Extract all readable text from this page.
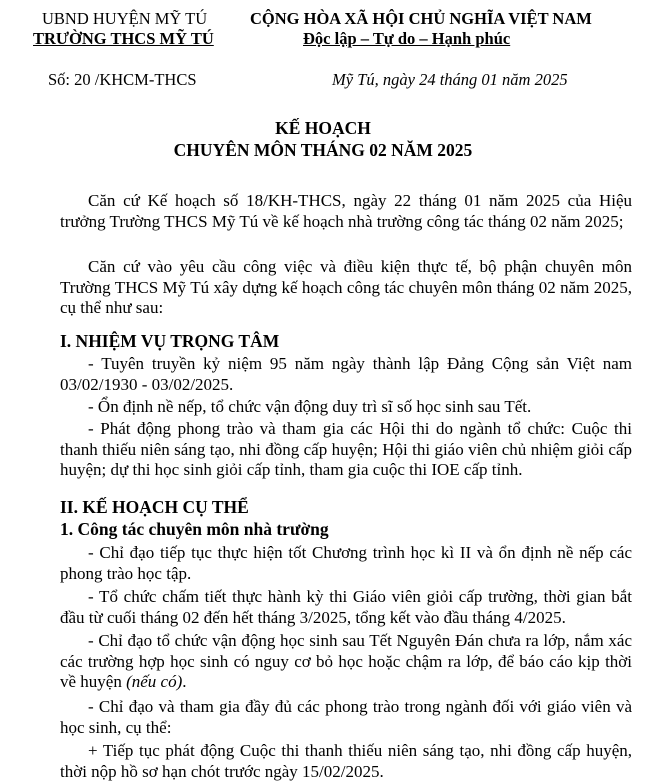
UBND HUYỆN MỸ TÚ
TRƯỜNG THCS MỸ TÚ
CỘNG HÒA XÃ HỘI CHỦ NGHĨA VIỆT NAM
Độc lập – Tự do – Hạnh phúc
Số: 20 /KHCM-THCS	Mỹ Tú, ngày 24 tháng 01 năm 2025
KẾ HOẠCH
CHUYÊN MÔN THÁNG 02 NĂM 2025
Căn cứ Kế hoạch số 18/KH-THCS, ngày 22 tháng 01 năm 2025 của Hiệu trưởng Trường THCS Mỹ Tú về kế hoạch nhà trường công tác tháng 02 năm 2025;
Căn cứ vào yêu cầu công việc và điều kiện thực tế, bộ phận chuyên môn Trường THCS Mỹ Tú xây dựng kế hoạch công tác chuyên môn tháng 02 năm 2025, cụ thể như sau:
I. NHIỆM VỤ TRỌNG TÂM
- Tuyên truyền kỷ niệm 95 năm ngày thành lập Đảng Cộng sản Việt nam 03/02/1930 - 03/02/2025.
- Ổn định nề nếp, tổ chức vận động duy trì sĩ số học sinh sau Tết.
- Phát động phong trào và tham gia các Hội thi do ngành tổ chức: Cuộc thi thanh thiếu niên sáng tạo, nhi đồng cấp huyện; Hội thi giáo viên chủ nhiệm giỏi cấp huyện; dự thi học sinh giỏi cấp tỉnh, tham gia cuộc thi IOE cấp tỉnh.
II. KẾ HOẠCH CỤ THỂ
1. Công tác chuyên môn nhà trường
- Chỉ đạo tiếp tục thực hiện tốt Chương trình học kì II và ổn định nề nếp các phong trào học tập.
- Tổ chức chấm tiết thực hành kỳ thi Giáo viên giỏi cấp trường, thời gian bắt đầu từ cuối tháng 02 đến hết tháng 3/2025, tổng kết vào đầu tháng 4/2025.
- Chỉ đạo tổ chức vận động học sinh sau Tết Nguyên Đán chưa ra lớp, nắm xác các trường hợp học sinh có nguy cơ bỏ học hoặc chậm ra lớp, để báo cáo kịp thời về huyện (nếu có).
- Chỉ đạo và tham gia đầy đủ các phong trào trong ngành đối với giáo viên và học sinh, cụ thể:
+ Tiếp tục phát động Cuộc thi thanh thiếu niên sáng tạo, nhi đồng cấp huyện, thời nộp hồ sơ hạn chót trước ngày 15/02/2025.
